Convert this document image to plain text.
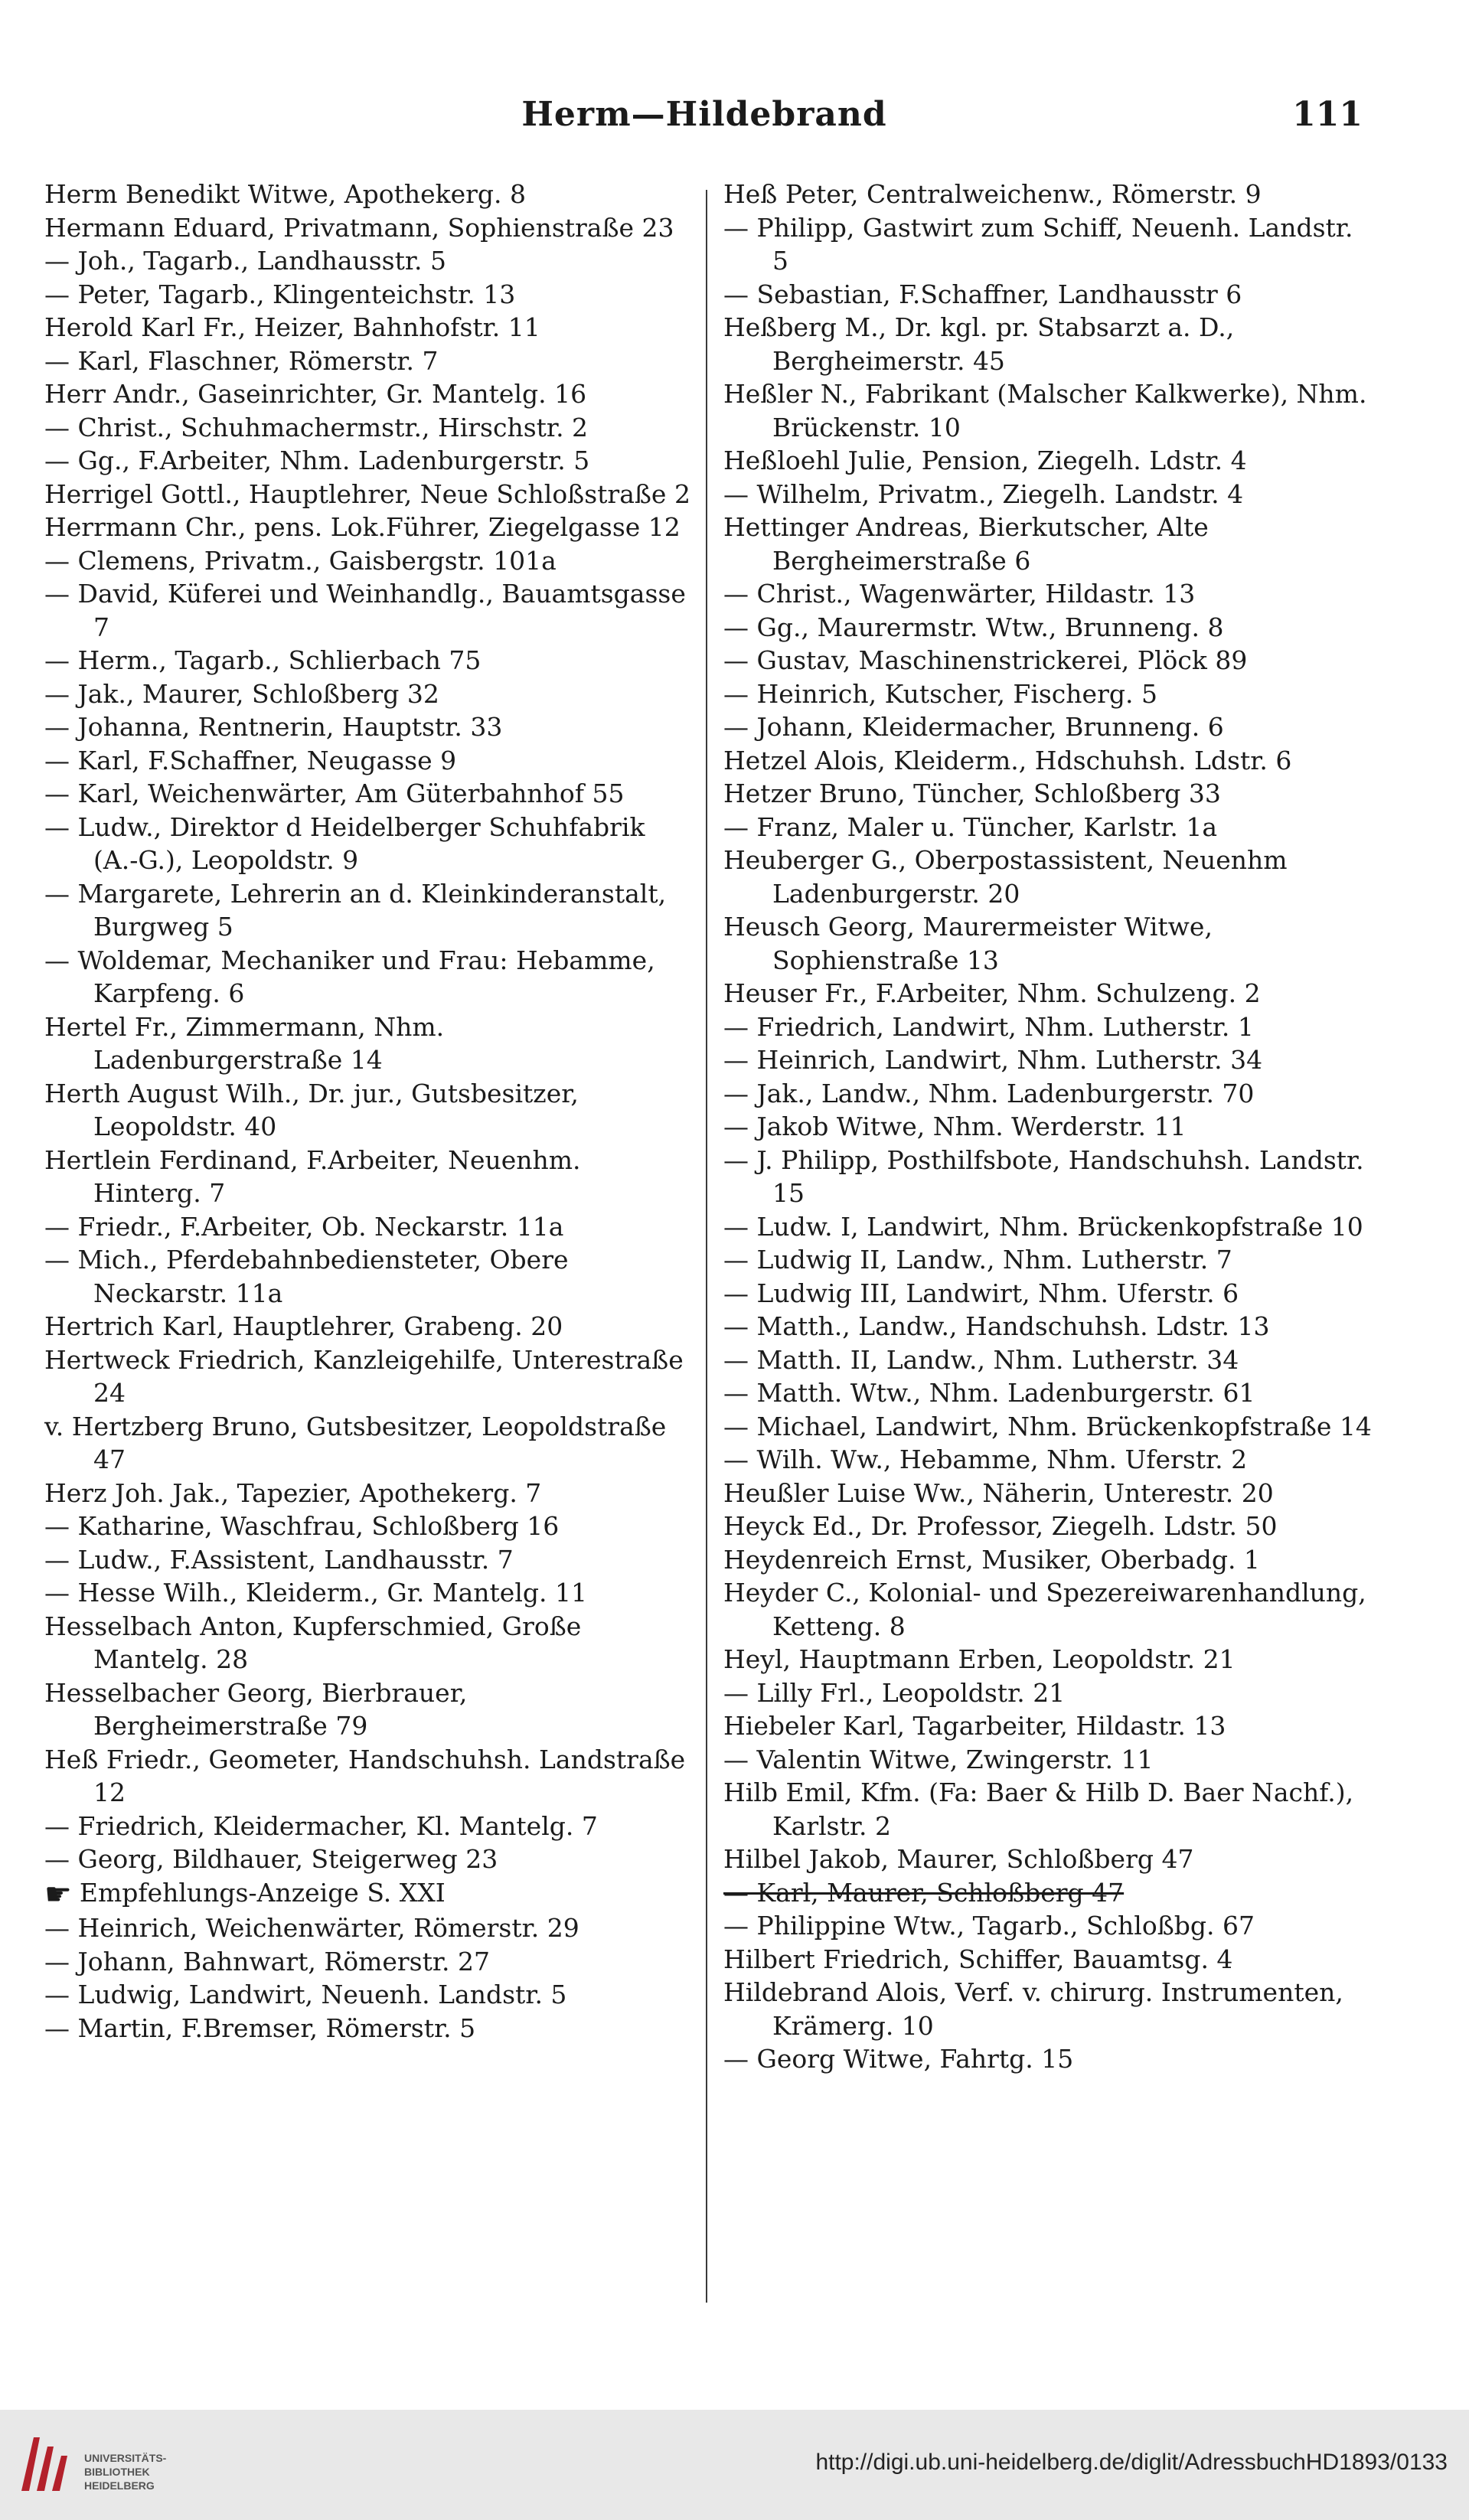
Herm—Hildebrand	111
Herm Benedikt Witwe, Apothekerg. 8
Hermann Eduard, Privatmann, Sophienstraße 23
— Joh., Tagarb., Landhausstr. 5
— Peter, Tagarb., Klingenteichstr. 13
Herold Karl Fr., Heizer, Bahnhofstr. 11
— Karl, Flaschner, Römerstr. 7
Herr Andr., Gaseinrichter, Gr. Mantelg. 16
— Christ., Schuhmachermstr., Hirschstr. 2
— Gg., F.Arbeiter, Nhm. Ladenburgerstr. 5
Herrigel Gottl., Hauptlehrer, Neue Schloßstraße 2
Herrmann Chr., pens. Lok.Führer, Ziegelgasse 12
— Clemens, Privatm., Gaisbergstr. 101a
— David, Küferei und Weinhandlg., Bauamtsgasse 7
— Herm., Tagarb., Schlierbach 75
— Jak., Maurer, Schloßberg 32
— Johanna, Rentnerin, Hauptstr. 33
— Karl, F.Schaffner, Neugasse 9
— Karl, Weichenwärter, Am Güterbahnhof 55
— Ludw., Direktor d Heidelberger Schuhfabrik (A.-G.), Leopoldstr. 9
— Margarete, Lehrerin an d. Kleinkinderanstalt, Burgweg 5
— Woldemar, Mechaniker und Frau: Hebamme, Karpfeng. 6
Hertel Fr., Zimmermann, Nhm. Ladenburgerstraße 14
Herth August Wilh., Dr. jur., Gutsbesitzer, Leopoldstr. 40
Hertlein Ferdinand, F.Arbeiter, Neuenhm. Hinterg. 7
— Friedr., F.Arbeiter, Ob. Neckarstr. 11a
— Mich., Pferdebahnbediensteter, Obere Neckarstr. 11a
Hertrich Karl, Hauptlehrer, Grabeng. 20
Hertweck Friedrich, Kanzleigehilfe, Unterestraße 24
v. Hertzberg Bruno, Gutsbesitzer, Leopoldstraße 47
Herz Joh. Jak., Tapezier, Apothekerg. 7
— Katharine, Waschfrau, Schloßberg 16
— Ludw., F.Assistent, Landhausstr. 7
— Hesse Wilh., Kleiderm., Gr. Mantelg. 11
Hesselbach Anton, Kupferschmied, Große Mantelg. 28
Hesselbacher Georg, Bierbrauer, Bergheimerstraße 79
Heß Friedr., Geometer, Handschuhsh. Landstraße 12
— Friedrich, Kleidermacher, Kl. Mantelg. 7
— Georg, Bildhauer, Steigerweg 23
☛ Empfehlungs-Anzeige S. XXI
— Heinrich, Weichenwärter, Römerstr. 29
— Johann, Bahnwart, Römerstr. 27
— Ludwig, Landwirt, Neuenh. Landstr. 5
— Martin, F.Bremser, Römerstr. 5
Heß Peter, Centralweichenw., Römerstr. 9
— Philipp, Gastwirt zum Schiff, Neuenh. Landstr. 5
— Sebastian, F.Schaffner, Landhausstr 6
Heßberg M., Dr. kgl. pr. Stabsarzt a. D., Bergheimerstr. 45
Heßler N., Fabrikant (Malscher Kalkwerke), Nhm. Brückenstr. 10
Heßloehl Julie, Pension, Ziegelh. Ldstr. 4
— Wilhelm, Privatm., Ziegelh. Landstr. 4
Hettinger Andreas, Bierkutscher, Alte Bergheimerstraße 6
— Christ., Wagenwärter, Hildastr. 13
— Gg., Maurermstr. Wtw., Brunneng. 8
— Gustav, Maschinenstrickerei, Plöck 89
— Heinrich, Kutscher, Fischerg. 5
— Johann, Kleidermacher, Brunneng. 6
Hetzel Alois, Kleiderm., Hdschuhsh. Ldstr. 6
Hetzer Bruno, Tüncher, Schloßberg 33
— Franz, Maler u. Tüncher, Karlstr. 1a
Heuberger G., Oberpostassistent, Neuenhm Ladenburgerstr. 20
Heusch Georg, Maurermeister Witwe, Sophienstraße 13
Heuser Fr., F.Arbeiter, Nhm. Schulzeng. 2
— Friedrich, Landwirt, Nhm. Lutherstr. 1
— Heinrich, Landwirt, Nhm. Lutherstr. 34
— Jak., Landw., Nhm. Ladenburgerstr. 70
— Jakob Witwe, Nhm. Werderstr. 11
— J. Philipp, Posthilfsbote, Handschuhsh. Landstr. 15
— Ludw. I, Landwirt, Nhm. Brückenkopfstraße 10
— Ludwig II, Landw., Nhm. Lutherstr. 7
— Ludwig III, Landwirt, Nhm. Uferstr. 6
— Matth., Landw., Handschuhsh. Ldstr. 13
— Matth. II, Landw., Nhm. Lutherstr. 34
— Matth. Wtw., Nhm. Ladenburgerstr. 61
— Michael, Landwirt, Nhm. Brückenkopfstraße 14
— Wilh. Ww., Hebamme, Nhm. Uferstr. 2
Heußler Luise Ww., Näherin, Unterestr. 20
Heyck Ed., Dr. Professor, Ziegelh. Ldstr. 50
Heydenreich Ernst, Musiker, Oberbadg. 1
Heyder C., Kolonial- und Spezereiwarenhandlung, Ketteng. 8
Heyl, Hauptmann Erben, Leopoldstr. 21
— Lilly Frl., Leopoldstr. 21
Hiebeler Karl, Tagarbeiter, Hildastr. 13
— Valentin Witwe, Zwingerstr. 11
Hilb Emil, Kfm. (Fa: Baer & Hilb D. Baer Nachf.), Karlstr. 2
Hilbel Jakob, Maurer, Schloßberg 47
— Karl, Maurer, Schloßberg 47
— Philippine Wtw., Tagarb., Schloßbg. 67
Hilbert Friedrich, Schiffer, Bauamtsg. 4
Hildebrand Alois, Verf. v. chirurg. Instrumenten, Krämerg. 10
— Georg Witwe, Fahrtg. 15
UNIVERSITÄTS-
BIBLIOTHEK
HEIDELBERG
http://digi.ub.uni-heidelberg.de/diglit/AdressbuchHD1893/0133
